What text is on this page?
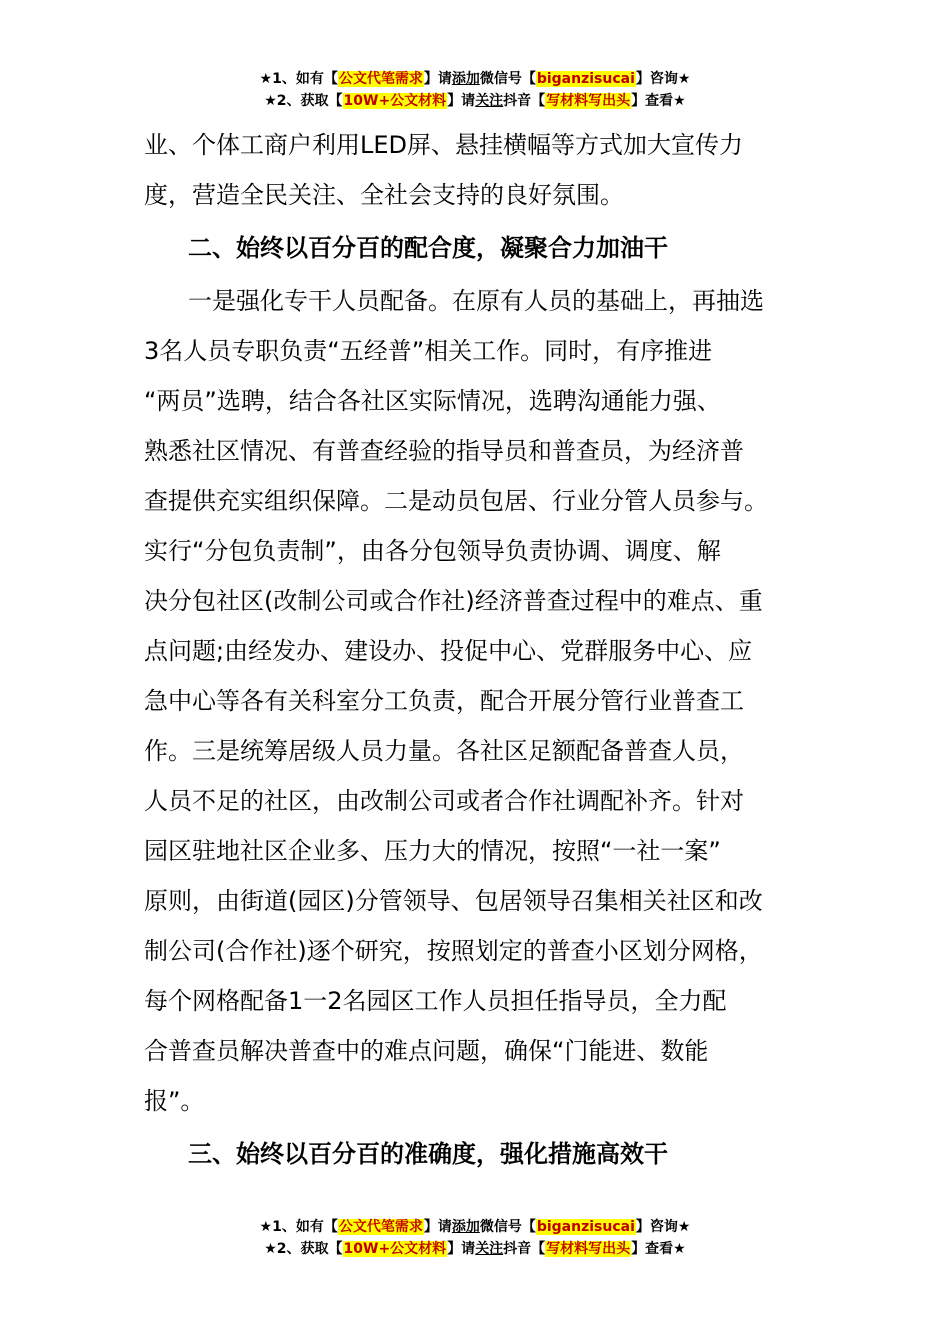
★1、如有【公文代笔需求】请添加微信号【biganzisucai】咨询★
★2、获取【10W+公文材料】请关注抖音【写材料写出头】查看★
业、个体工商户利用LED屏、悬挂横幅等方式加大宣传力
度，营造全民关注、全社会支持的良好氛围。
二、始终以百分百的配合度，凝聚合力加油干
一是强化专干人员配备。在原有人员的基础上，再抽选
3名人员专职负责“五经普”相关工作。同时，有序推进
“两员”选聘，结合各社区实际情况，选聘沟通能力强、
熟悉社区情况、有普查经验的指导员和普查员，为经济普
查提供充实组织保障。二是动员包居、行业分管人员参与。
实行“分包负责制”，由各分包领导负责协调、调度、解
决分包社区(改制公司或合作社)经济普查过程中的难点、重
点问题;由经发办、建设办、投促中心、党群服务中心、应
急中心等各有关科室分工负责，配合开展分管行业普查工
作。三是统筹居级人员力量。各社区足额配备普查人员，
人员不足的社区，由改制公司或者合作社调配补齐。针对
园区驻地社区企业多、压力大的情况，按照“一社一案”
原则，由街道(园区)分管领导、包居领导召集相关社区和改
制公司(合作社)逐个研究，按照划定的普查小区划分网格，
每个网格配备1一2名园区工作人员担任指导员，全力配
合普查员解决普查中的难点问题，确保“门能进、数能
报”。
三、始终以百分百的准确度，强化措施高效干
★1、如有【公文代笔需求】请添加微信号【biganzisucai】咨询★
★2、获取【10W+公文材料】请关注抖音【写材料写出头】查看★
